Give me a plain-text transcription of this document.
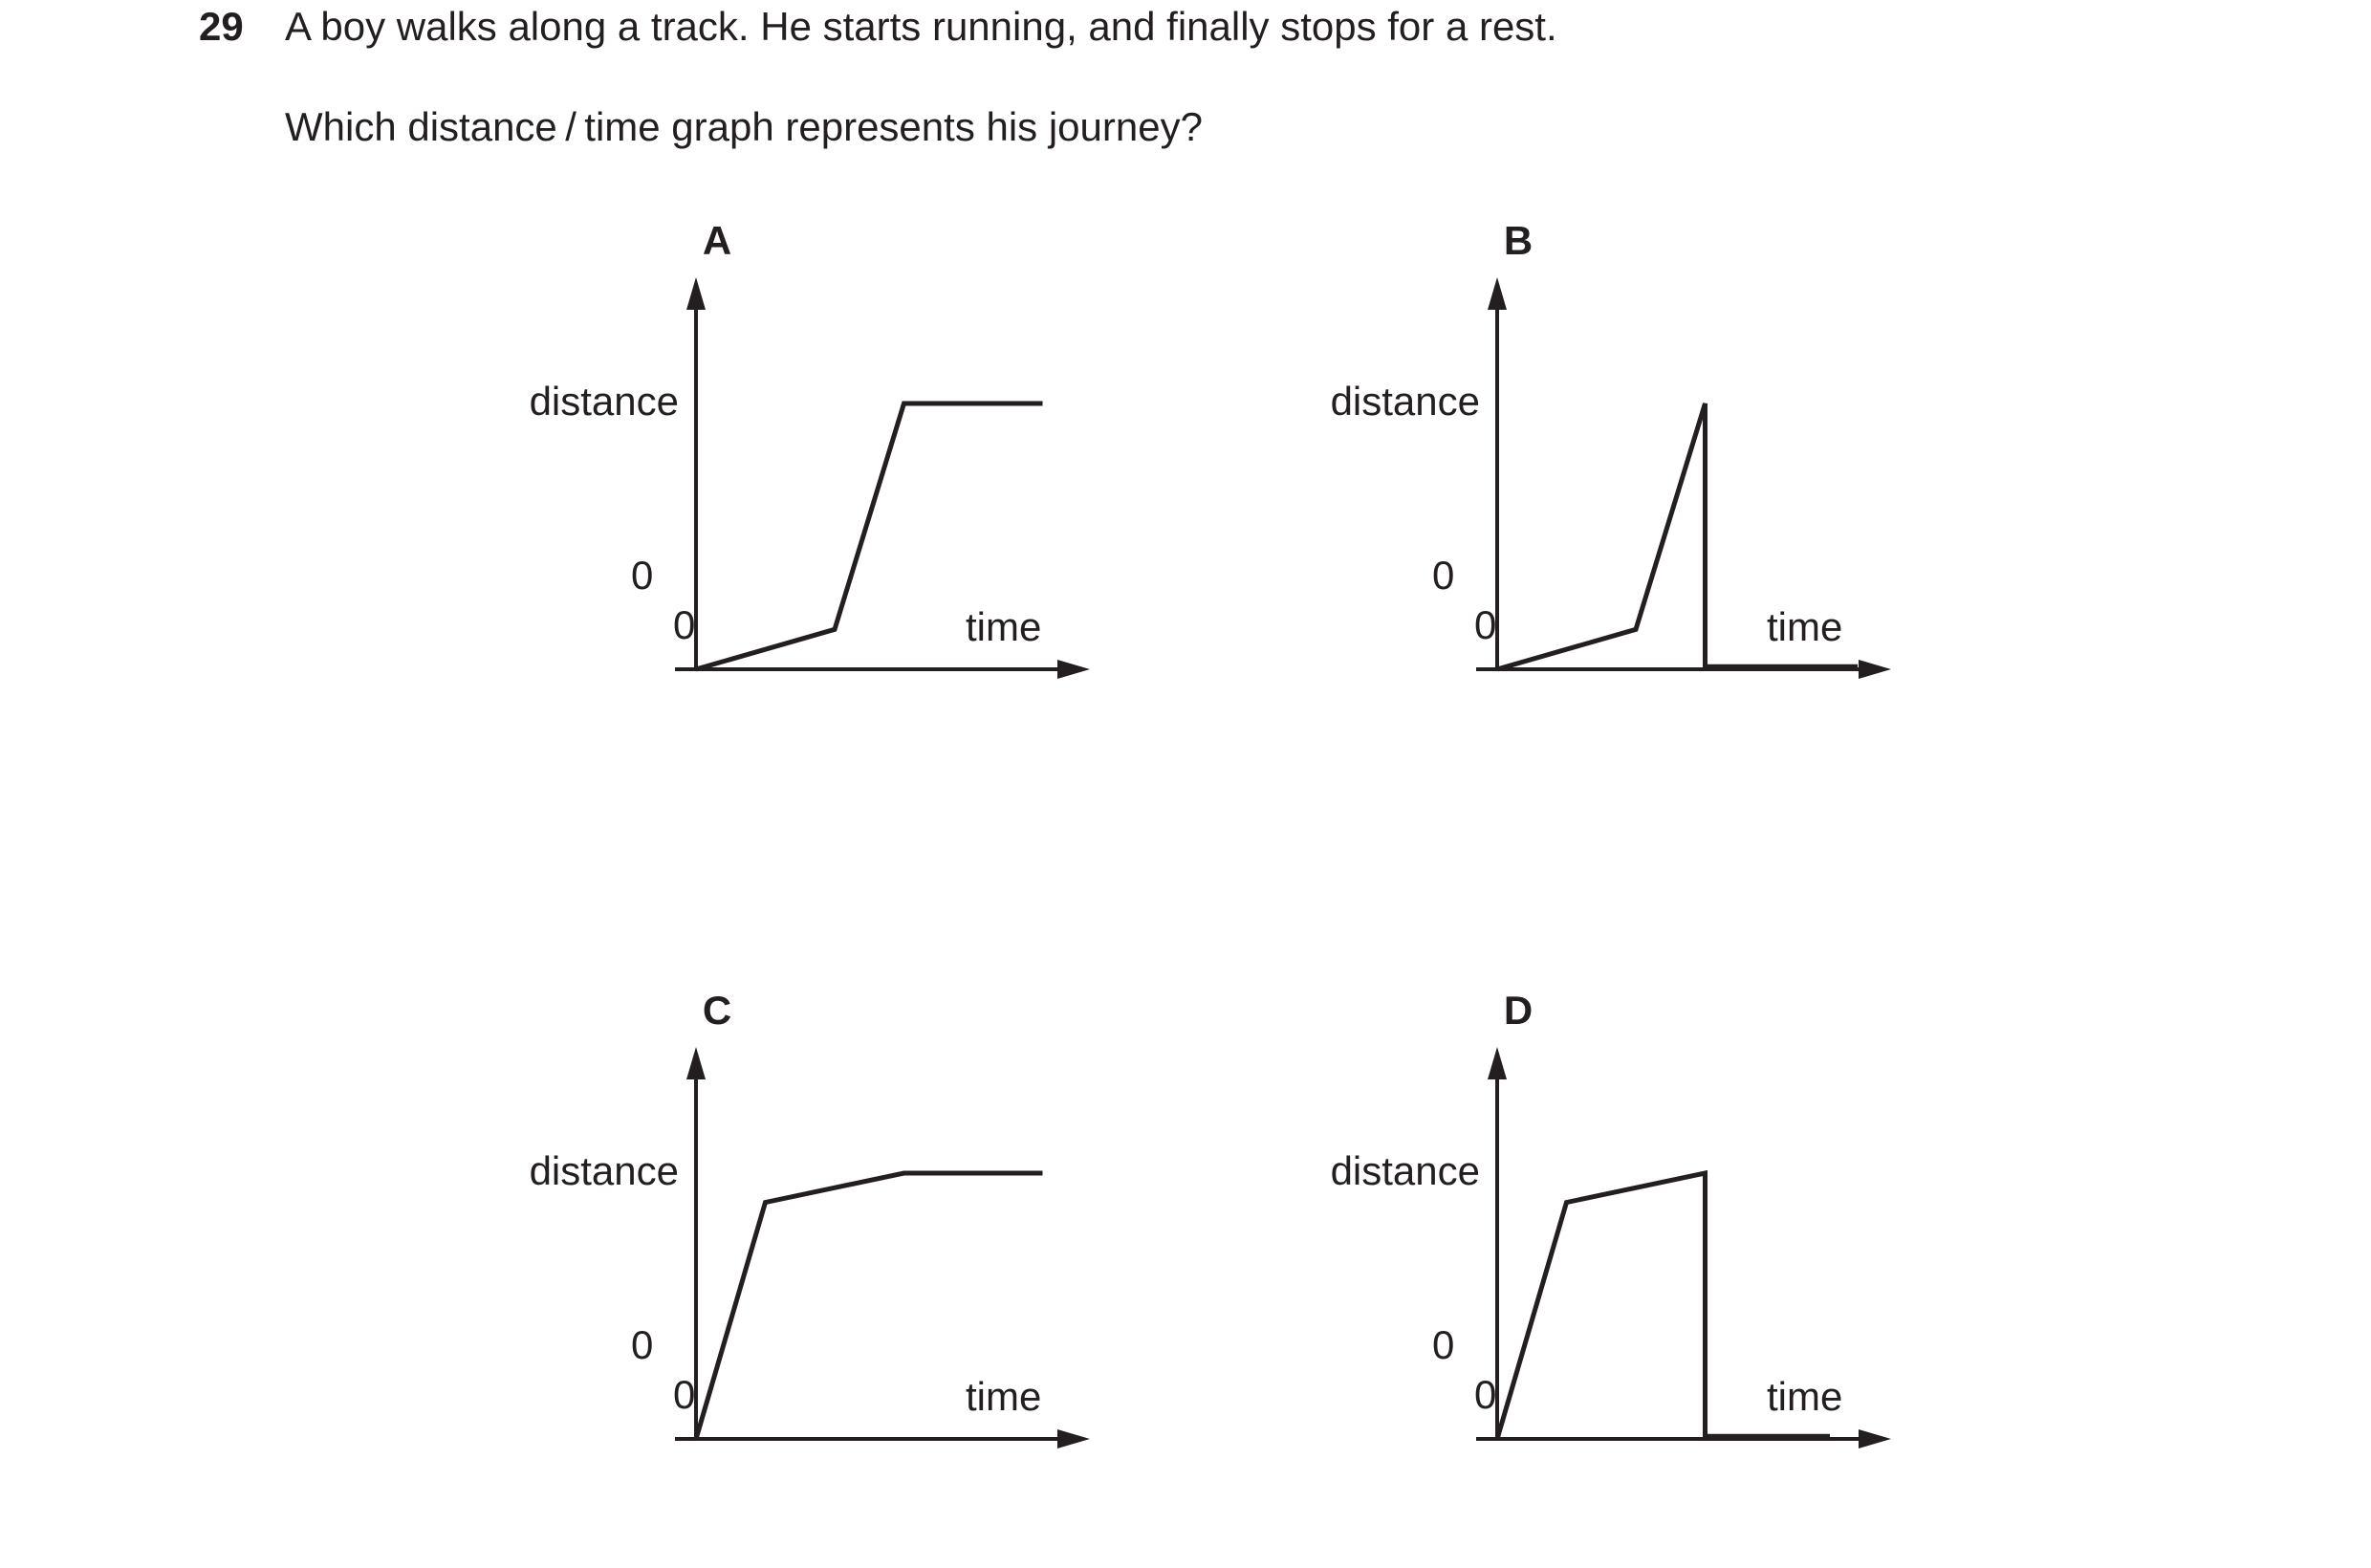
29 A boy walks along a track. He starts running, and finally stops for a rest.
Which distance / time graph represents his journey?
A
distance
0
0	time
B
distance
0
0	time
C
distance
0
0	time
D
distance
0
0	time
